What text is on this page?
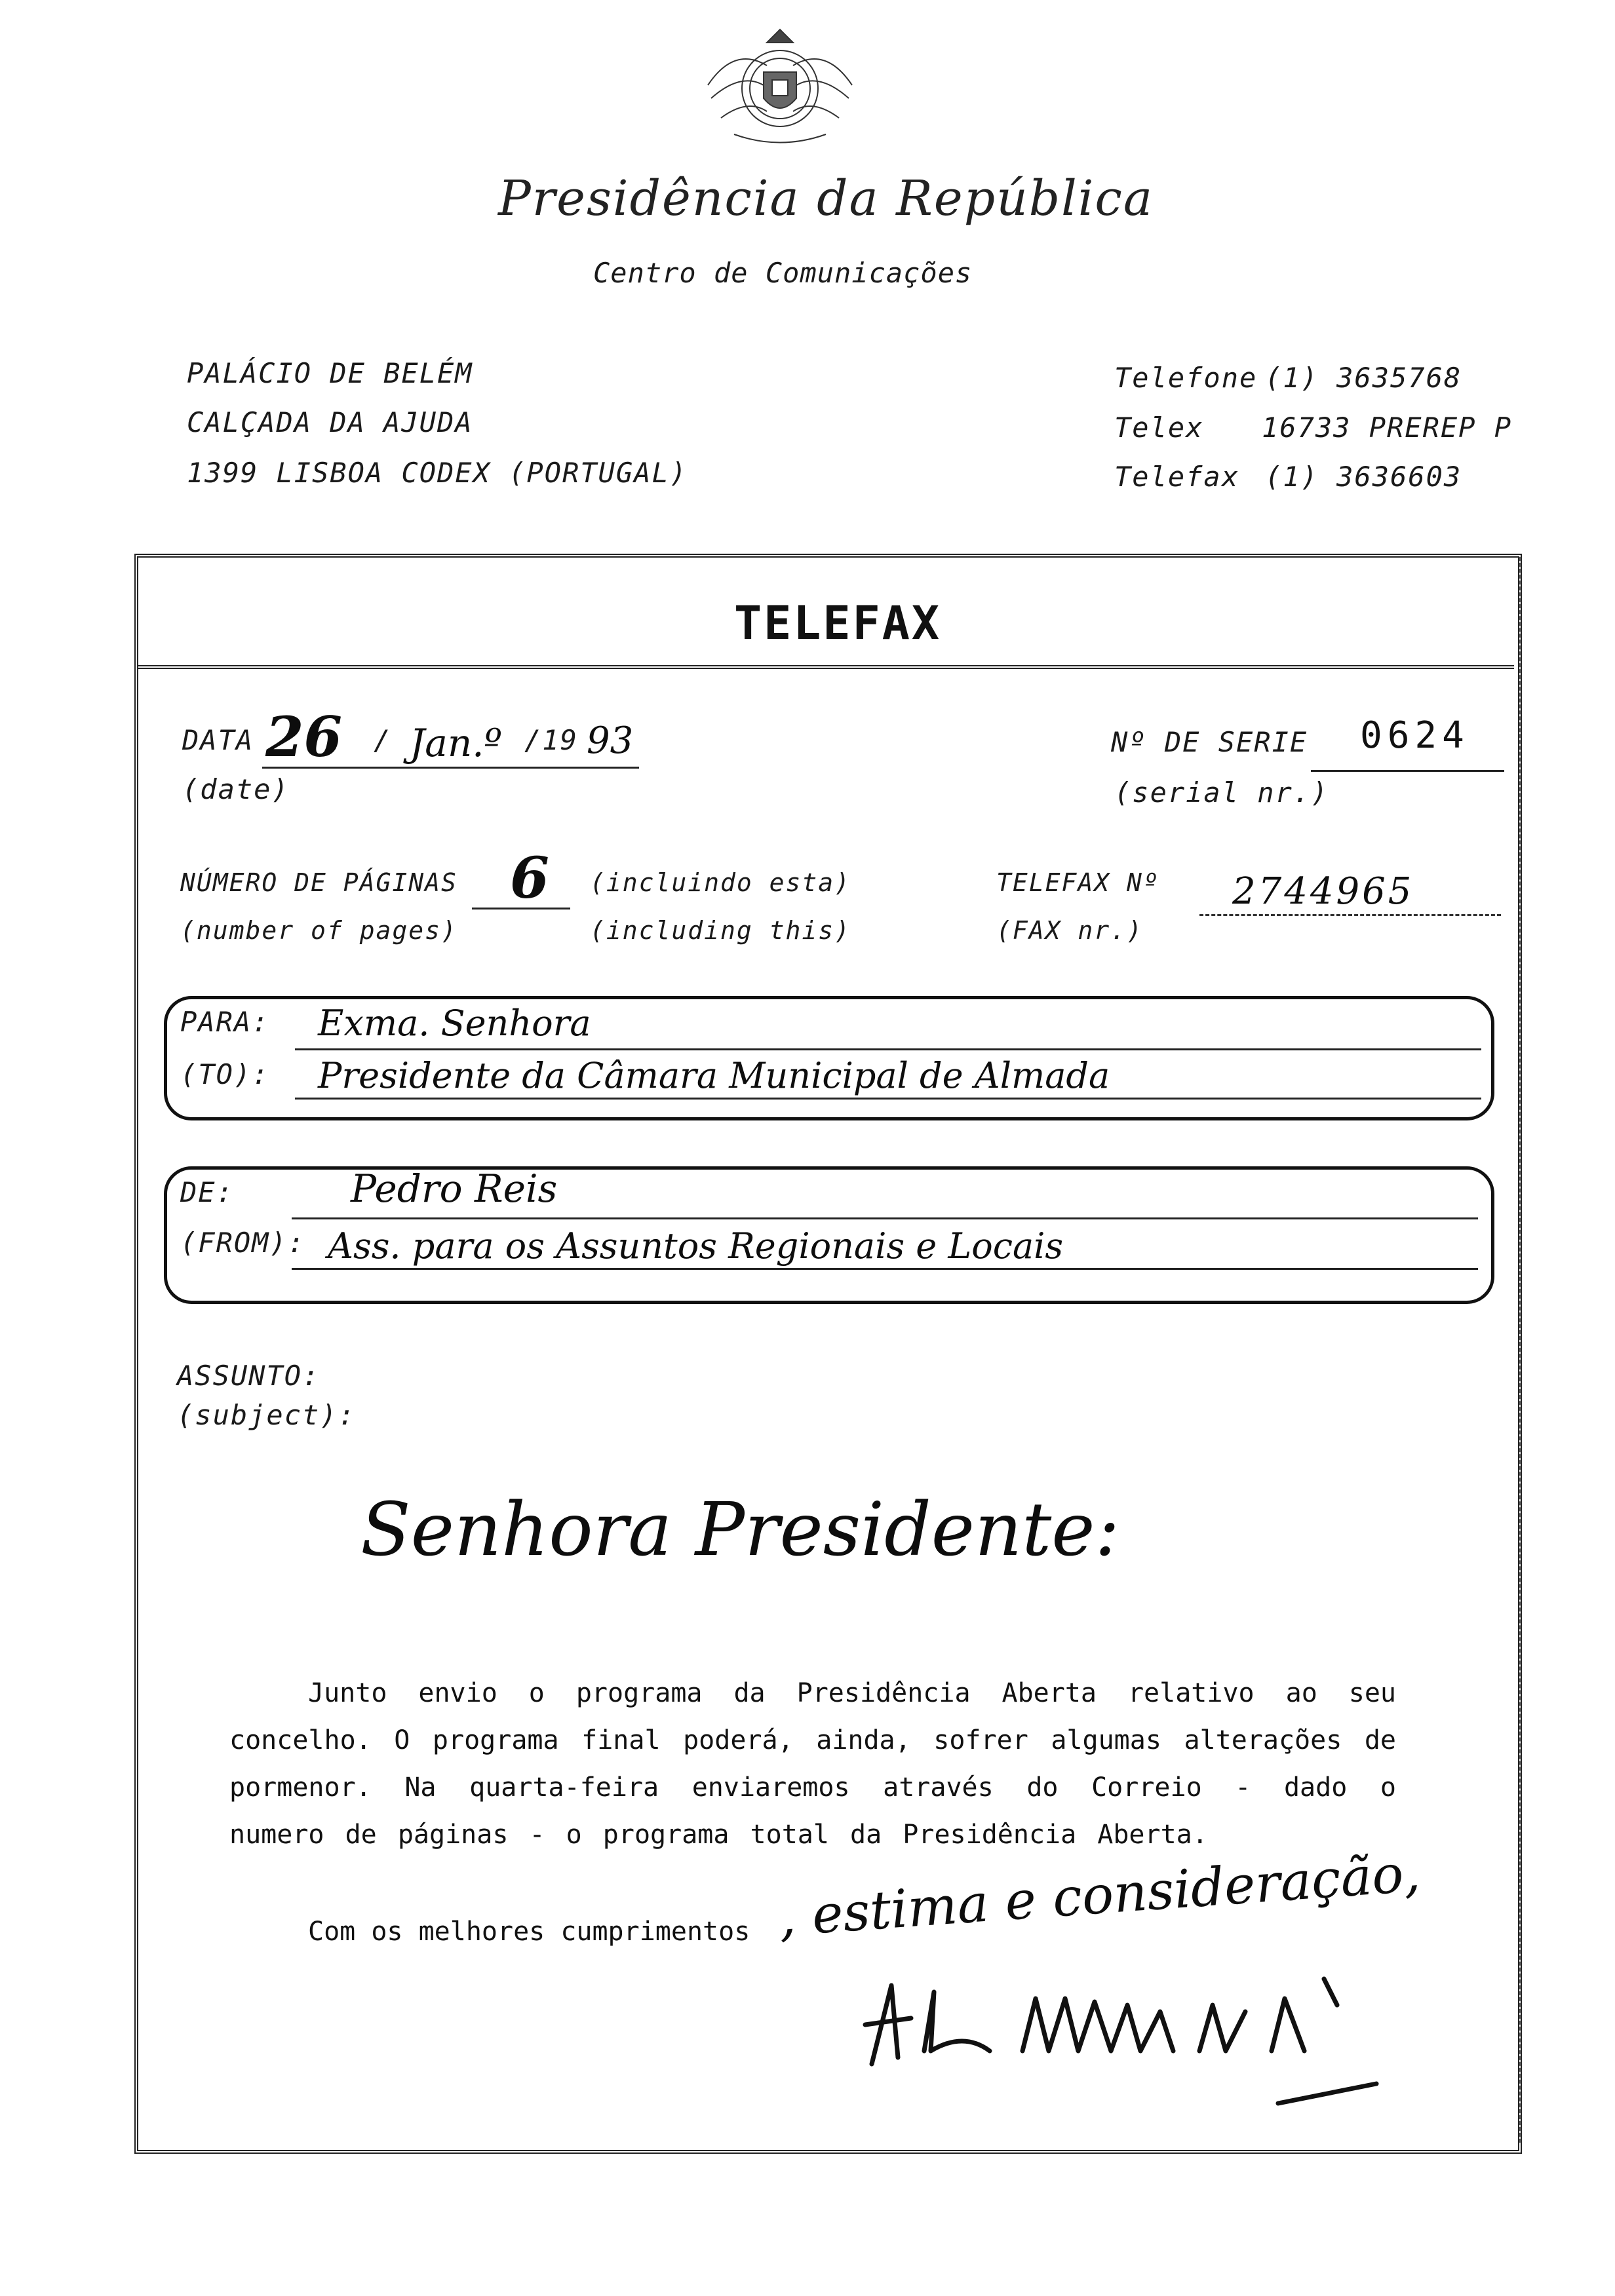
Presidência da República
Centro de Comunicações
PALÁCIO DE BELÉM
CALÇADA DA AJUDA
1399 LISBOA CODEX (PORTUGAL)
Telefone (1) 3635768
Telex 16733 PREREP P
Telefax (1) 3636603
TELEFAX
DATA
(date)
26 / Jan.º /19 93	Nº DE SERIE
(serial nr.)
0624
NÚMERO DE PÁGINAS
(number of pages)
6 (incluindo esta)
(including this)
TELEFAX Nº
(FAX nr.)
2744965
PARA:
(TO):
Exma. Senhora
Presidente da Câmara Municipal de Almada
DE:
(FROM):
Pedro Reis
Ass. para os Assuntos Regionais e Locais
ASSUNTO:
(subject):
Senhora Presidente:
Junto envio o programa da Presidência Aberta relativo ao seu concelho. O programa final poderá, ainda, sofrer algumas alterações de pormenor. Na quarta-feira enviaremos através do Correio - dado o numero de páginas - o programa total da Presidência Aberta.
Com os melhores cumprimentos , estima e consideração,
